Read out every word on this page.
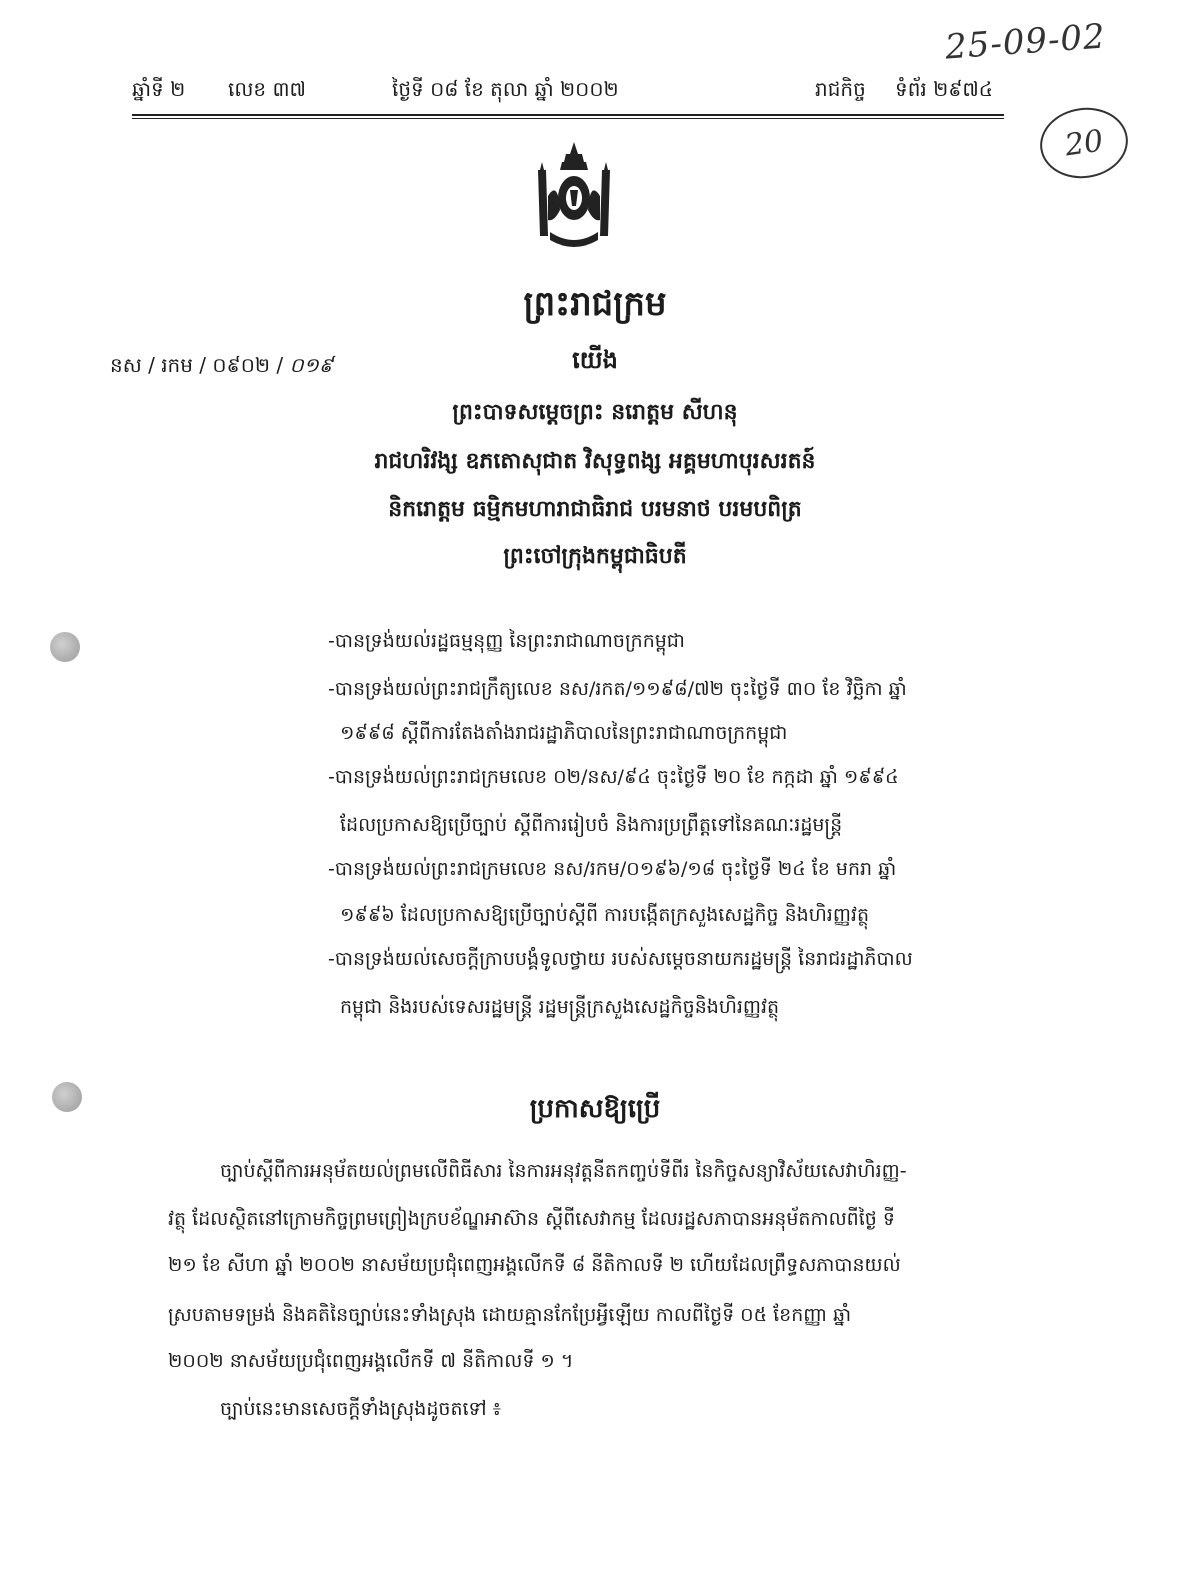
25-09-02
20
ឆ្នាំទី ២ លេខ ៣៧	ថ្ងៃទី ០៨ ខែ តុលា ឆ្នាំ ២០០២	រាជកិច្ច ទំព័រ ២៩៧៤
នស / រកម / ០៩០២ / ០១៩
ព្រះរាជក្រម
យើង
ព្រះបាទសម្ដេចព្រះ នរោត្ដម សីហនុ
រាជហរិវង្ស ឧភតោសុជាត វិសុទ្ធពង្ស អគ្គមហាបុរសរតន៍
និករោត្ដម ធម្មិកមហារាជាធិរាជ បរមនាថ បរមបពិត្រ
ព្រះចៅក្រុងកម្ពុជាធិបតី
-បានទ្រង់យល់រដ្ឋធម្មនុញ្ញ នៃព្រះរាជាណាចក្រកម្ពុជា
-បានទ្រង់យល់ព្រះរាជក្រឹត្យលេខ នស/រកត/១១៩៨/៧២ ចុះថ្ងៃទី ៣០ ខែ វិច្ឆិកា ឆ្នាំ
១៩៩៨ ស្ដីពីការតែងតាំងរាជរដ្ឋាភិបាលនៃព្រះរាជាណាចក្រកម្ពុជា
-បានទ្រង់យល់ព្រះរាជក្រមលេខ ០២/នស/៩៤ ចុះថ្ងៃទី ២០ ខែ កក្កដា ឆ្នាំ ១៩៩៤
ដែលប្រកាសឱ្យប្រើច្បាប់ ស្ដីពីការរៀបចំ និងការប្រព្រឹត្តទៅនៃគណៈរដ្ឋមន្ត្រី
-បានទ្រង់យល់ព្រះរាជក្រមលេខ នស/រកម/០១៩៦/១៨ ចុះថ្ងៃទី ២៤ ខែ មករា ឆ្នាំ
១៩៩៦ ដែលប្រកាសឱ្យប្រើច្បាប់ស្ដីពី ការបង្កើតក្រសួងសេដ្ឋកិច្ច និងហិរញ្ញវត្ថុ
-បានទ្រង់យល់សេចក្ដីក្រាបបង្គំទូលថ្វាយ របស់សម្ដេចនាយករដ្ឋមន្ត្រី នៃរាជរដ្ឋាភិបាល
កម្ពុជា និងរបស់ទេសរដ្ឋមន្ត្រី រដ្ឋមន្ត្រីក្រសួងសេដ្ឋកិច្ចនិងហិរញ្ញវត្ថុ
ប្រកាសឱ្យប្រើ
ច្បាប់ស្ដីពីការអនុម័តយល់ព្រមលើពិធីសារ នៃការអនុវត្តនីតកញ្ចប់ទីពីរ នៃកិច្ចសន្យាវិស័យសេវាហិរញ្ញ-
វត្ថុ ដែលស្ថិតនៅក្រោមកិច្ចព្រមព្រៀងក្របខ័ណ្ឌអាស៊ាន ស្ដីពីសេវាកម្ម ដែលរដ្ឋសភាបានអនុម័តកាលពីថ្ងៃ ទី
២១ ខែ សីហា ឆ្នាំ ២០០២ នាសម័យប្រជុំពេញអង្គលើកទី ៨ នីតិកាលទី ២ ហើយដែលព្រឹទ្ធសភាបានយល់
ស្របតាមទម្រង់ និងគតិនៃច្បាប់នេះទាំងស្រុង ដោយគ្មានកែប្រែអ្វីឡើយ កាលពីថ្ងៃទី ០៥ ខែកញ្ញា ឆ្នាំ
២០០២ នាសម័យប្រជុំពេញអង្គលើកទី ៧ នីតិកាលទី ១ ។
ច្បាប់នេះមានសេចក្ដីទាំងស្រុងដូចតទៅ ៖
